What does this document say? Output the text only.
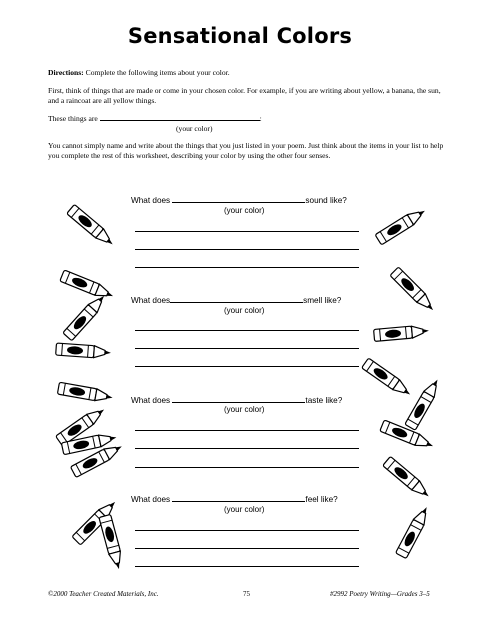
Sensational Colors
Directions: Complete the following items about your color.
First, think of things that are made or come in your chosen color. For example, if you are writing about yellow, a banana, the sun, and a raincoat are all yellow things.
These things are	:
(your color)
You cannot simply name and write about the things that you just listed in your poem. Just think about the items in your list to help you complete the rest of this worksheet, describing your color by using the other four senses.
What does	sound like?
(your color)
What does	smell like?
(your color)
What does	taste like?
(your color)
What does	feel like?
(your color)
©2000 Teacher Created Materials, Inc.	75	#2992 Poetry Writing—Grades 3–5
